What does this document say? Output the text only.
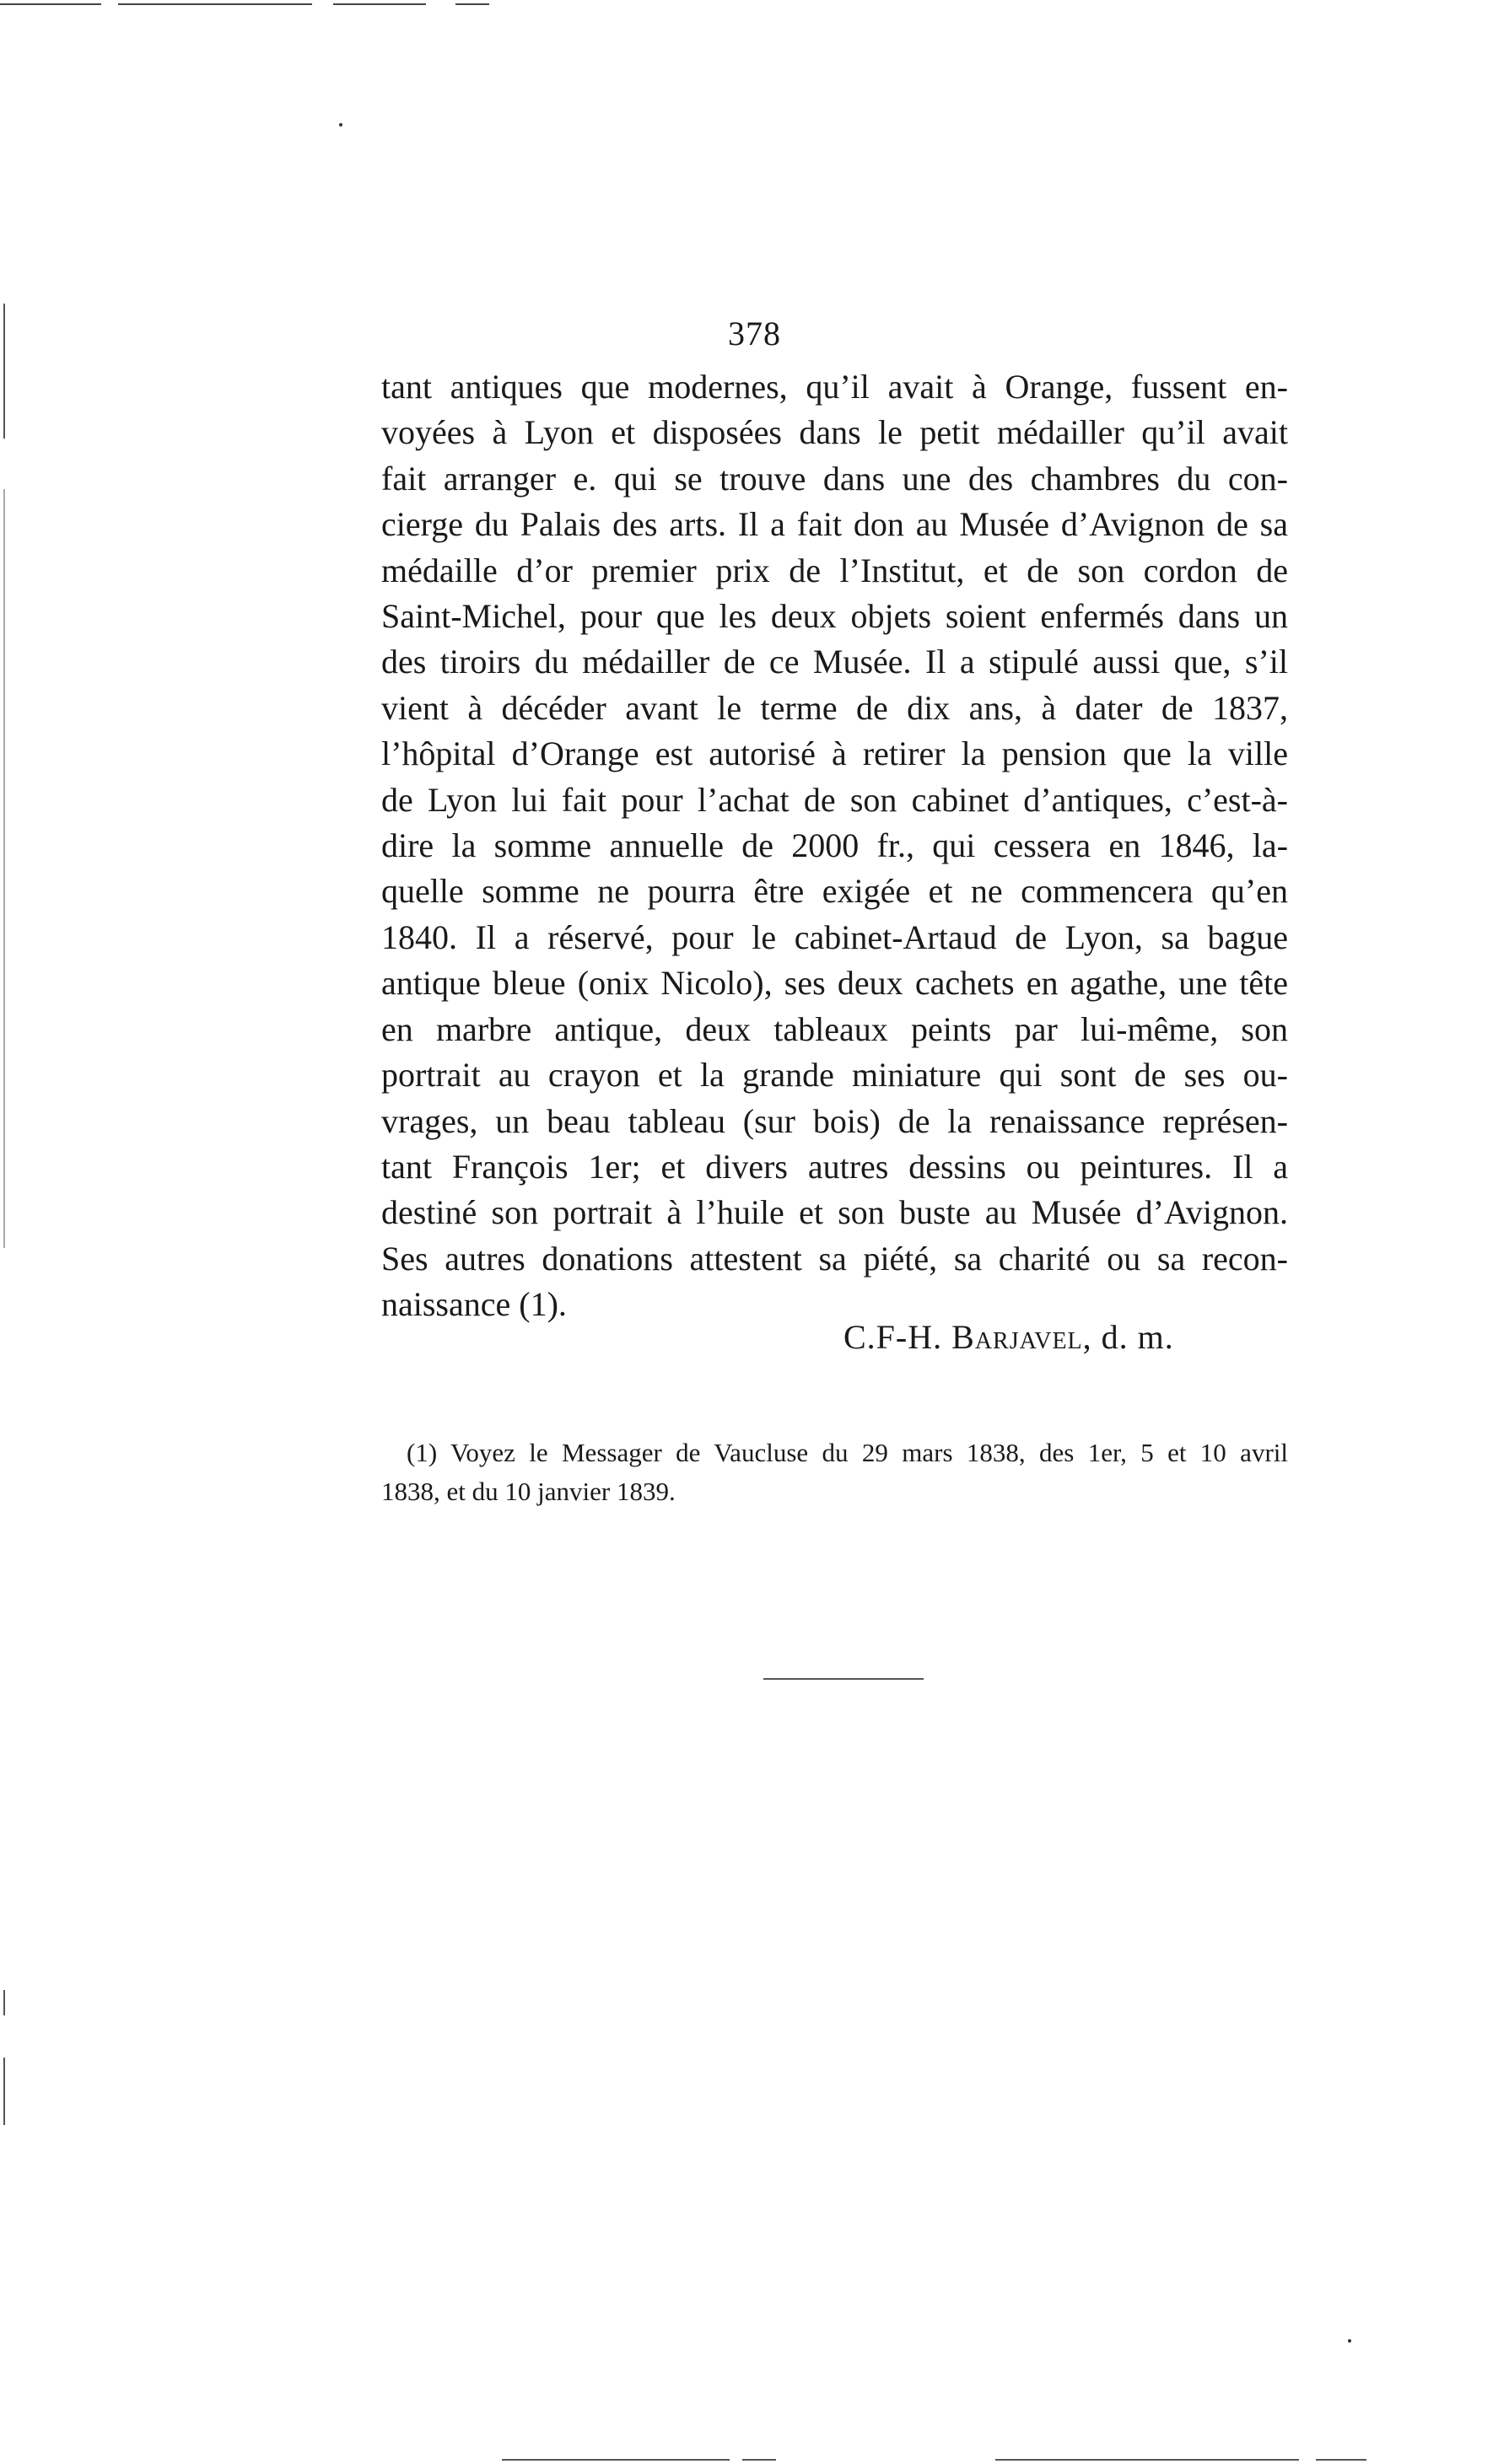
378
tant antiques que modernes, qu’il avait à Orange, fussent en-
voyées à Lyon et disposées dans le petit médailler qu’il avait
fait arranger e. qui se trouve dans une des chambres du con-
cierge du Palais des arts. Il a fait don au Musée d’Avignon de sa
médaille d’or premier prix de l’Institut, et de son cordon de
Saint-Michel, pour que les deux objets soient enfermés dans un
des tiroirs du médailler de ce Musée. Il a stipulé aussi que, s’il
vient à décéder avant le terme de dix ans, à dater de 1837,
l’hôpital d’Orange est autorisé à retirer la pension que la ville
de Lyon lui fait pour l’achat de son cabinet d’antiques, c’est-à-
dire la somme annuelle de 2000 fr., qui cessera en 1846, la-
quelle somme ne pourra être exigée et ne commencera qu’en
1840. Il a réservé, pour le cabinet-Artaud de Lyon, sa bague
antique bleue (onix Nicolo), ses deux cachets en agathe, une tête
en marbre antique, deux tableaux peints par lui-même, son
portrait au crayon et la grande miniature qui sont de ses ou-
vrages, un beau tableau (sur bois) de la renaissance représen-
tant François 1er; et divers autres dessins ou peintures. Il a
destiné son portrait à l’huile et son buste au Musée d’Avignon.
Ses autres donations attestent sa piété, sa charité ou sa recon-
naissance (1).
C.F-H. Barjavel, d. m.
(1) Voyez le Messager de Vaucluse du 29 mars 1838, des 1er, 5 et 10 avril
1838, et du 10 janvier 1839.
